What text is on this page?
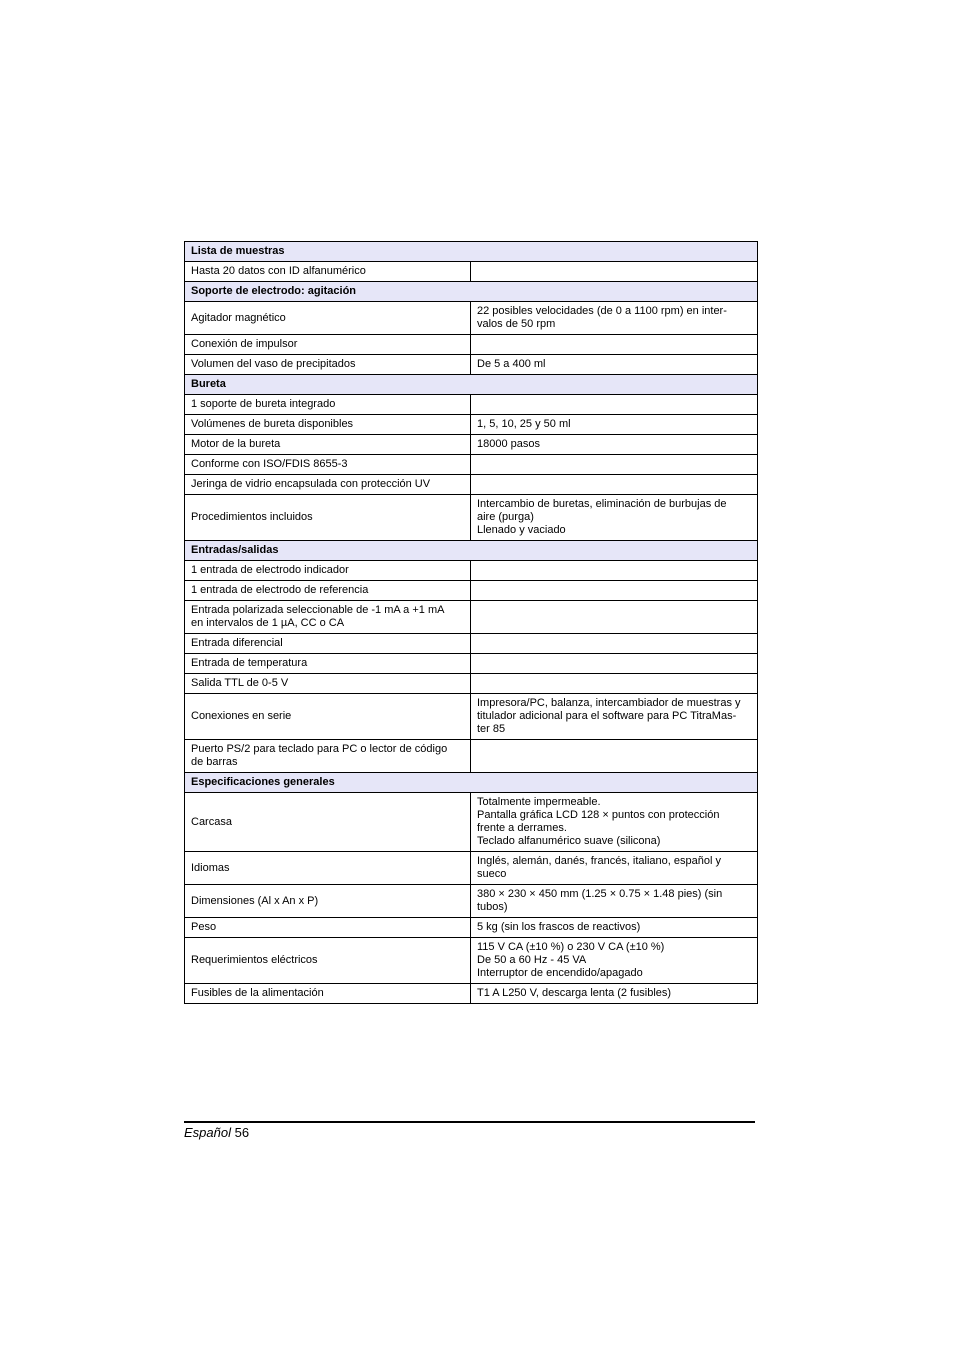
Lista de muestras	

Hasta 20 datos con ID alfanumérico	

Soporte de electrodo: agitación	

Agitador magnético	22 posibles velocidades (de 0 a 1100 rpm) en inter-
valos de 50 rpm

Conexión de impulsor	

Volumen del vaso de precipitados	De 5 a 400 ml

Bureta	

1 soporte de bureta integrado	

Volúmenes de bureta disponibles	1, 5, 10, 25 y 50 ml

Motor de la bureta	18000 pasos

Conforme con ISO/FDIS 8655-3	

Jeringa de vidrio encapsulada con protección UV	

Procedimientos incluidos	Intercambio de buretas, eliminación de burbujas de
aire (purga)
Llenado y vaciado

Entradas/salidas	

1 entrada de electrodo indicador	

1 entrada de electrodo de referencia	

Entrada polarizada seleccionable de -1 mA a +1 mA
en intervalos de 1 µA, CC o CA	

Entrada diferencial	

Entrada de temperatura	

Salida TTL de 0-5 V	

Conexiones en serie	Impresora/PC, balanza, intercambiador de muestras y
titulador adicional para el software para PC TitraMas-
ter 85

Puerto PS/2 para teclado para PC o lector de código
de barras	

Especificaciones generales	

Carcasa	Totalmente impermeable.
Pantalla gráfica LCD 128 × puntos con protección
frente a derrames.
Teclado alfanumérico suave (silicona)

Idiomas	Inglés, alemán, danés, francés, italiano, español y
sueco

Dimensiones (Al x An x P)	380 × 230 × 450 mm (1.25 × 0.75 × 1.48 pies) (sin
tubos)

Peso	5 kg (sin los frascos de reactivos)

Requerimientos eléctricos	115 V CA (±10 %) o 230 V CA (±10 %)
De 50 a 60 Hz - 45 VA
Interruptor de encendido/apagado

Fusibles de la alimentación	T1 A L250 V, descarga lenta (2 fusibles)
Español 56
